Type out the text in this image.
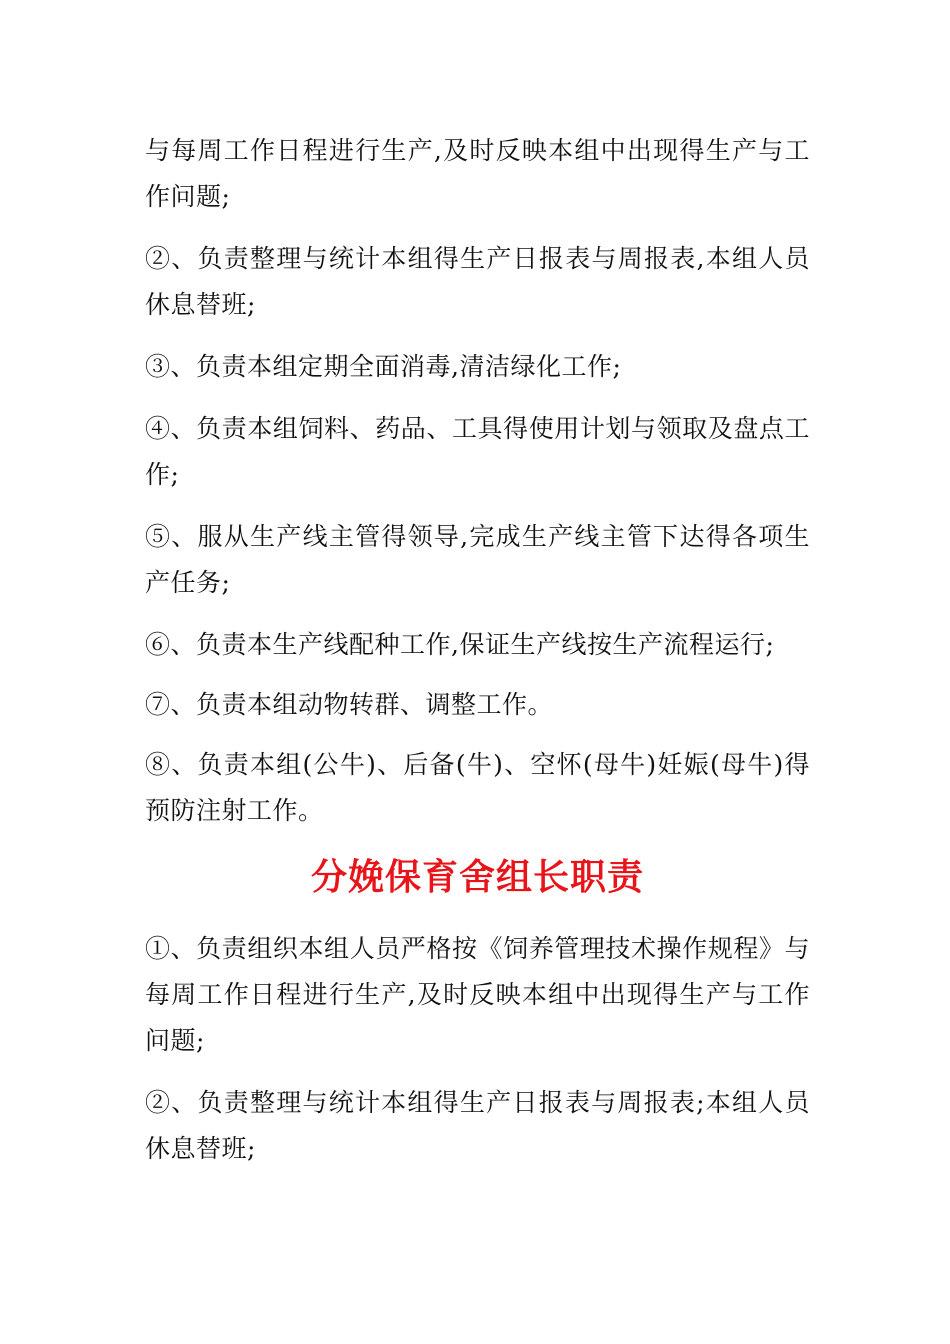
与每周工作日程进行生产,及时反映本组中出现得生产与工作问题;

②、负责整理与统计本组得生产日报表与周报表,本组人员休息替班;

③、负责本组定期全面消毒,清洁绿化工作;

④、负责本组饲料、药品、工具得使用计划与领取及盘点工作;

⑤、服从生产线主管得领导,完成生产线主管下达得各项生产任务;

⑥、负责本生产线配种工作,保证生产线按生产流程运行;

⑦、负责本组动物转群、调整工作。

⑧、负责本组(公牛)、后备(牛)、空怀(母牛)妊娠(母牛)得预防注射工作。

分娩保育舍组长职责

①、负责组织本组人员严格按《饲养管理技术操作规程》与每周工作日程进行生产,及时反映本组中出现得生产与工作问题;

②、负责整理与统计本组得生产日报表与周报表;本组人员休息替班;
